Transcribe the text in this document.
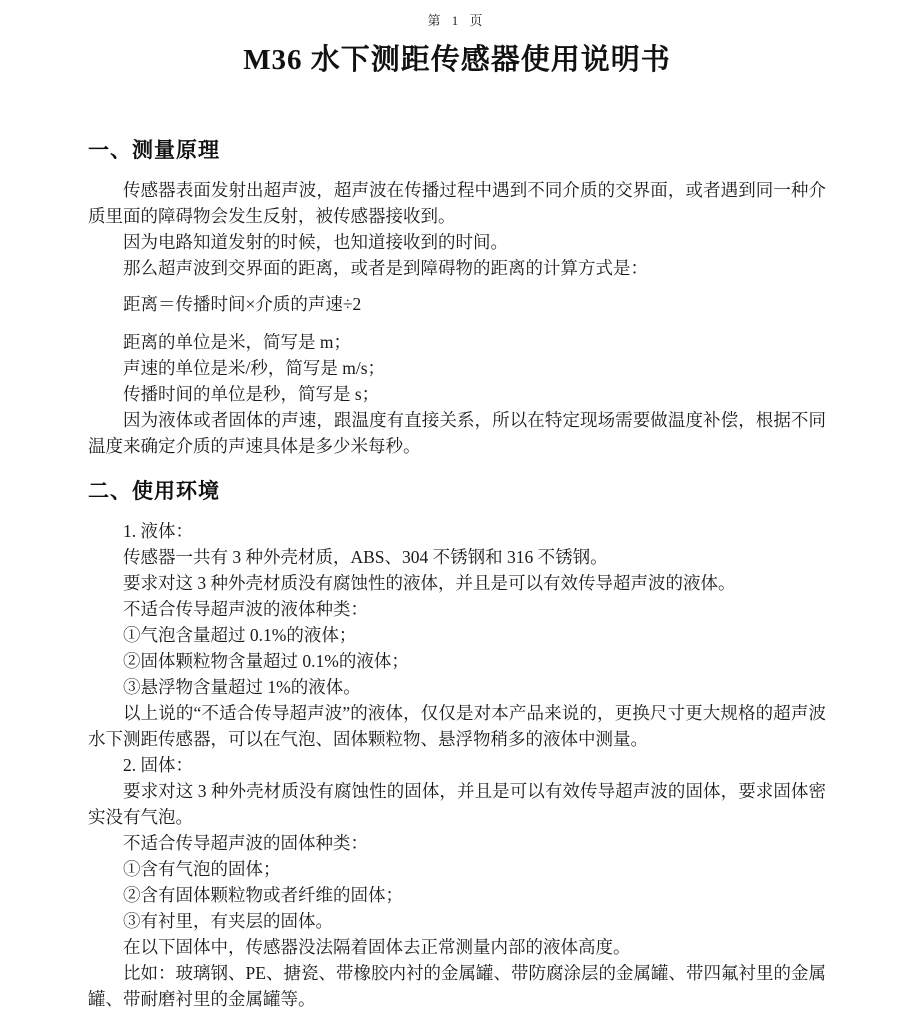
第 1 页
M36 水下测距传感器使用说明书
一、测量原理

传感器表面发射出超声波，超声波在传播过程中遇到不同介质的交界面，或者遇到同一种介质里面的障碍物会发生反射，被传感器接收到。

因为电路知道发射的时候，也知道接收到的时间。

那么超声波到交界面的距离，或者是到障碍物的距离的计算方式是：

距离＝传播时间×介质的声速÷2

距离的单位是米，简写是 m；

声速的单位是米/秒，简写是 m/s；

传播时间的单位是秒，简写是 s；

因为液体或者固体的声速，跟温度有直接关系，所以在特定现场需要做温度补偿，根据不同温度来确定介质的声速具体是多少米每秒。

二、使用环境

1. 液体：

传感器一共有 3 种外壳材质，ABS、304 不锈钢和 316 不锈钢。

要求对这 3 种外壳材质没有腐蚀性的液体，并且是可以有效传导超声波的液体。

不适合传导超声波的液体种类：

①气泡含量超过 0.1%的液体；

②固体颗粒物含量超过 0.1%的液体；

③悬浮物含量超过 1%的液体。

以上说的“不适合传导超声波”的液体，仅仅是对本产品来说的，更换尺寸更大规格的超声波水下测距传感器，可以在气泡、固体颗粒物、悬浮物稍多的液体中测量。

2. 固体：

要求对这 3 种外壳材质没有腐蚀性的固体，并且是可以有效传导超声波的固体，要求固体密实没有气泡。

不适合传导超声波的固体种类：

①含有气泡的固体；

②含有固体颗粒物或者纤维的固体；

③有衬里，有夹层的固体。

在以下固体中，传感器没法隔着固体去正常测量内部的液体高度。

比如：玻璃钢、PE、搪瓷、带橡胶内衬的金属罐、带防腐涂层的金属罐、带四氟衬里的金属罐、带耐磨衬里的金属罐等。
